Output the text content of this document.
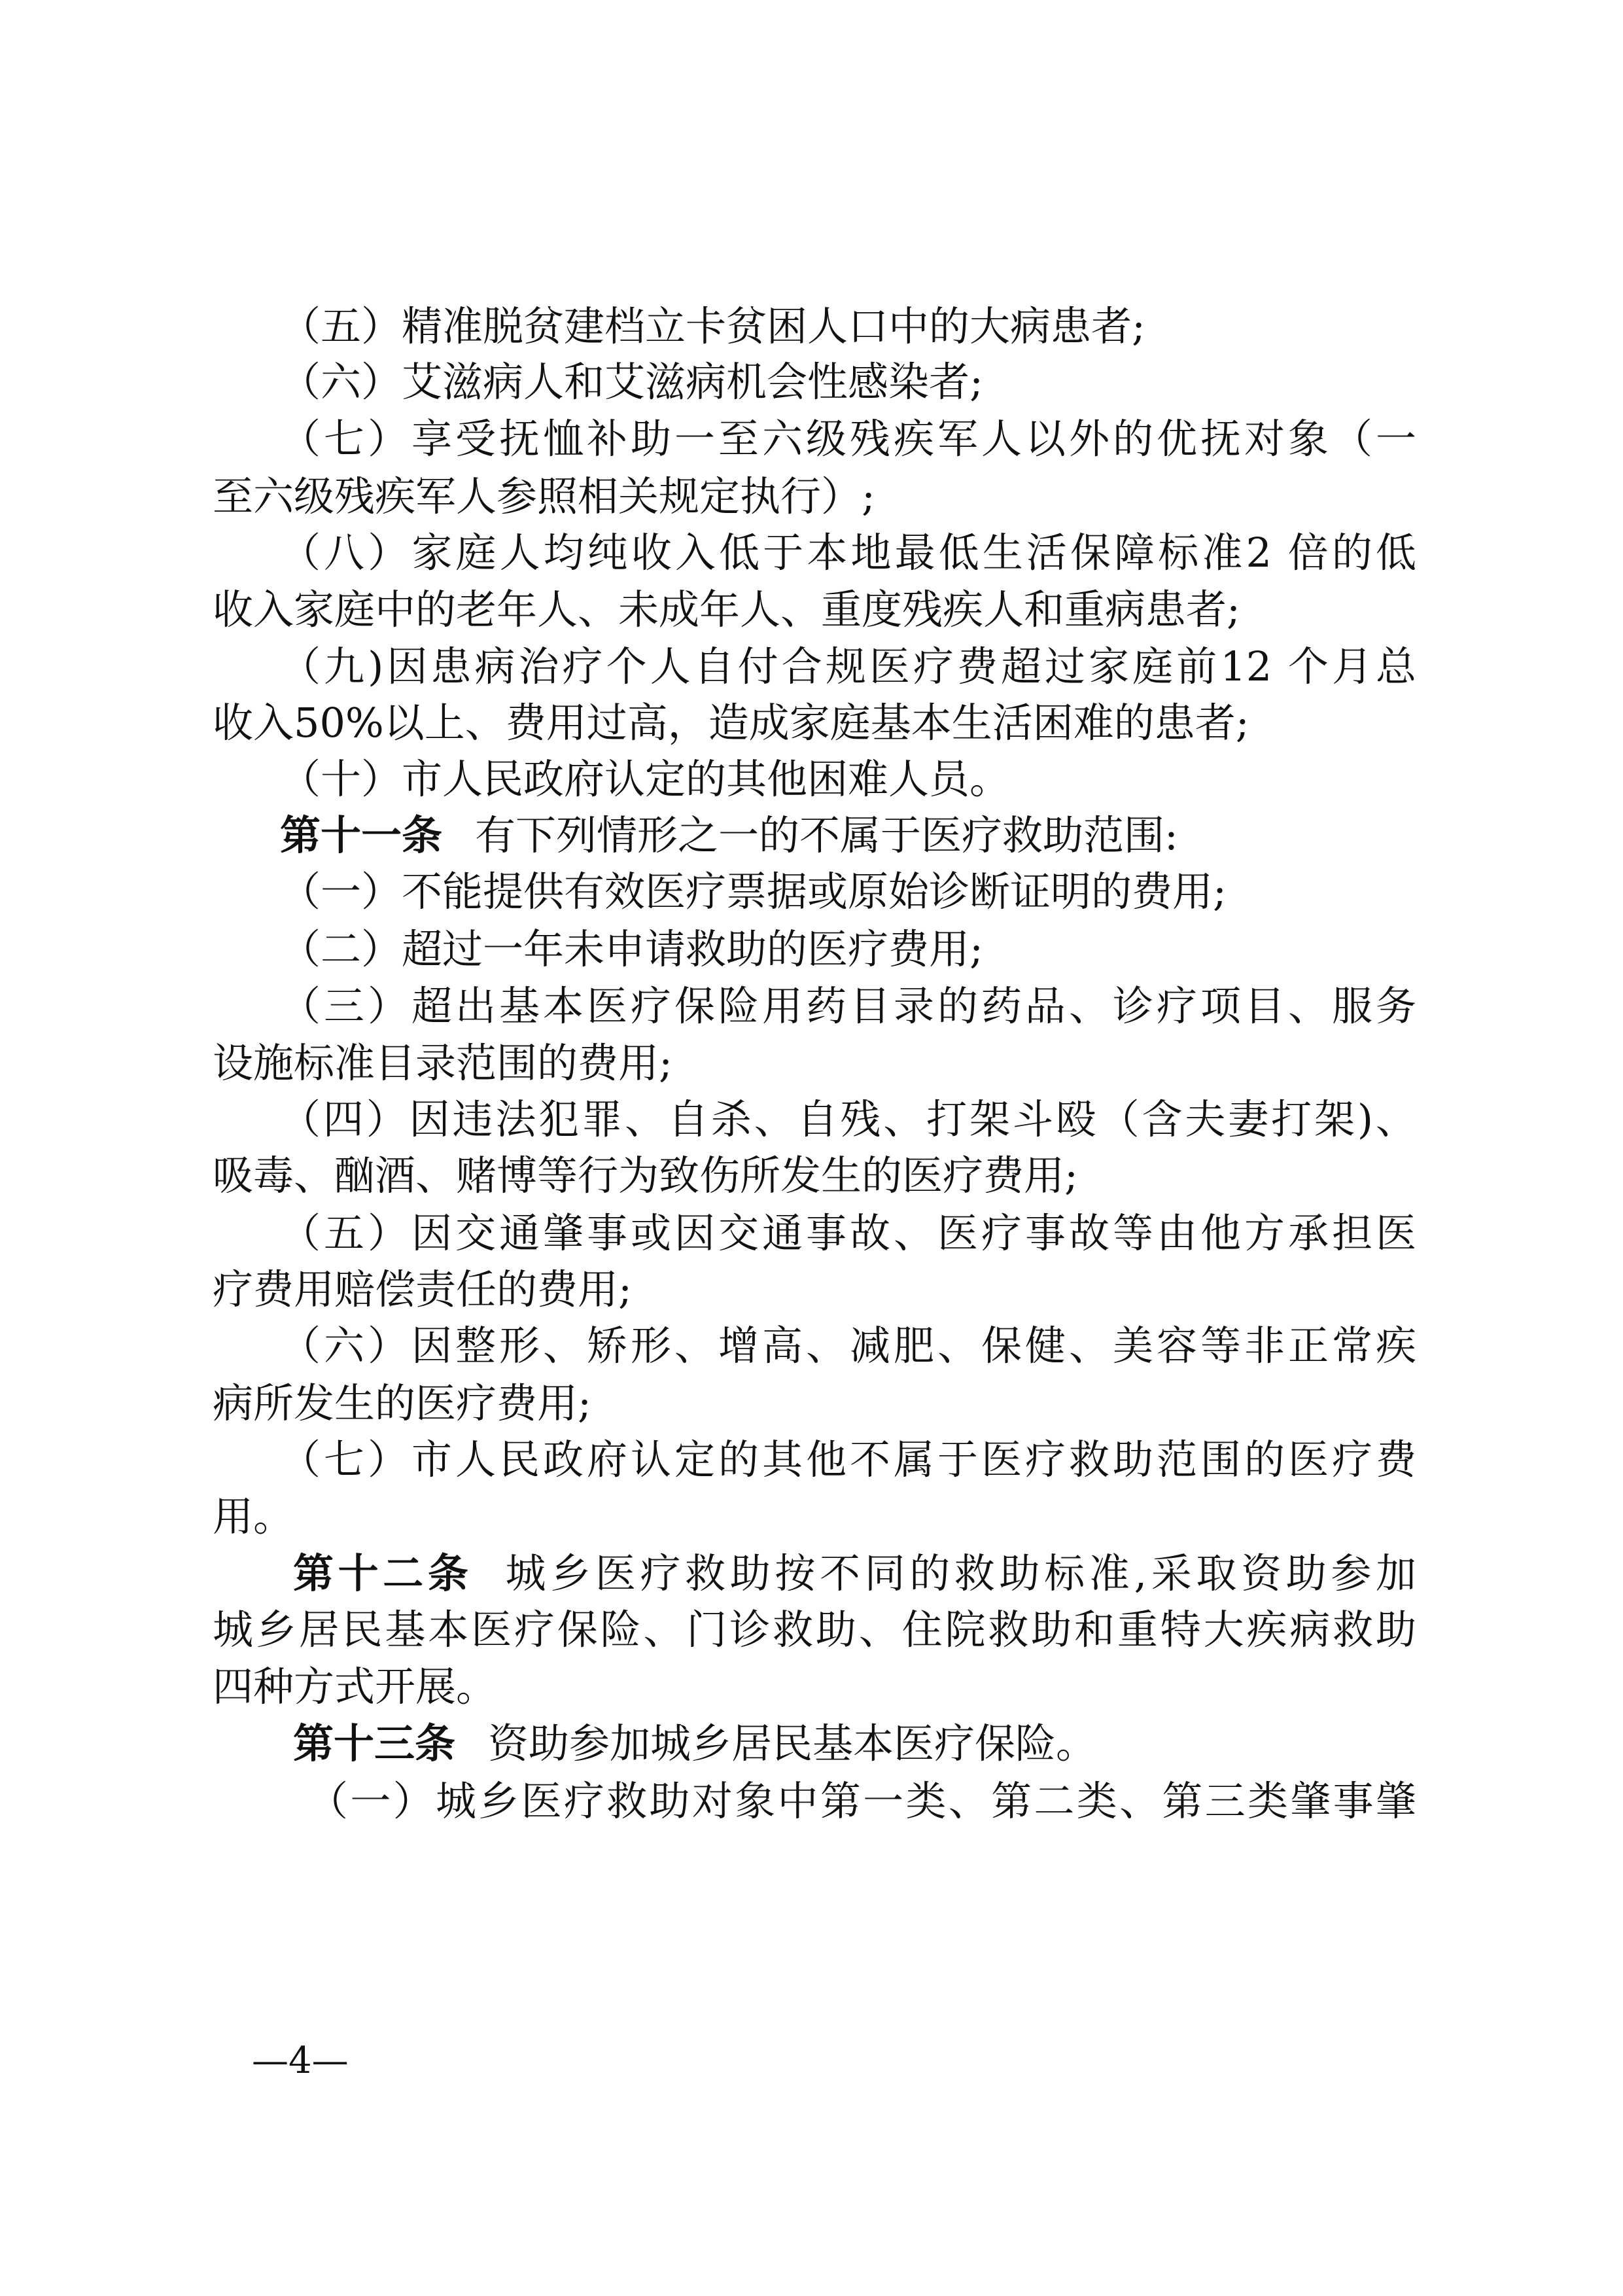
（五）精准脱贫建档立卡贫困人口中的大病患者;
（六）艾滋病人和艾滋病机会性感染者;
（七）享受抚恤补助一至六级残疾军人以外的优抚对象（一
至六级残疾军人参照相关规定执行）;
（八）家庭人均纯收入低于本地最低生活保障标准2 倍的低
收入家庭中的老年人、未成年人、重度残疾人和重病患者;
（九)因患病治疗个人自付合规医疗费超过家庭前12 个月总
收入50%以上、费用过高，造成家庭基本生活困难的患者;
（十）市人民政府认定的其他困难人员。
第十一条 有下列情形之一的不属于医疗救助范围:
（一）不能提供有效医疗票据或原始诊断证明的费用;
（二）超过一年未申请救助的医疗费用;
（三）超出基本医疗保险用药目录的药品、诊疗项目、服务
设施标准目录范围的费用;
（四）因违法犯罪、自杀、自残、打架斗殴（含夫妻打架)、
吸毒、酗酒、赌博等行为致伤所发生的医疗费用;
（五）因交通肇事或因交通事故、医疗事故等由他方承担医
疗费用赔偿责任的费用;
（六）因整形、矫形、增高、减肥、保健、美容等非正常疾
病所发生的医疗费用;
（七）市人民政府认定的其他不属于医疗救助范围的医疗费
用。
第十二条 城乡医疗救助按不同的救助标准,采取资助参加
城乡居民基本医疗保险、门诊救助、住院救助和重特大疾病救助
四种方式开展。
第十三条 资助参加城乡居民基本医疗保险。
（一）城乡医疗救助对象中第一类、第二类、第三类肇事肇
—4—
